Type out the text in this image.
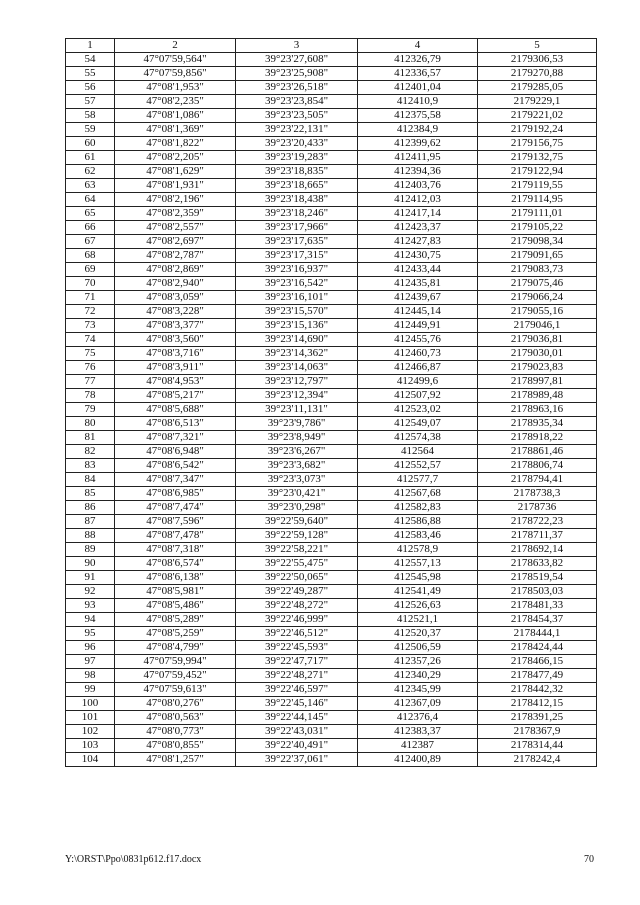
1	2	3	4	5
54	47°07'59,564"	39°23'27,608"	412326,79	2179306,53
55	47°07'59,856"	39°23'25,908"	412336,57	2179270,88
56	47°08'1,953"	39°23'26,518"	412401,04	2179285,05
57	47°08'2,235"	39°23'23,854"	412410,9	2179229,1
58	47°08'1,086"	39°23'23,505"	412375,58	2179221,02
59	47°08'1,369"	39°23'22,131"	412384,9	2179192,24
60	47°08'1,822"	39°23'20,433"	412399,62	2179156,75
61	47°08'2,205"	39°23'19,283"	412411,95	2179132,75
62	47°08'1,629"	39°23'18,835"	412394,36	2179122,94
63	47°08'1,931"	39°23'18,665"	412403,76	2179119,55
64	47°08'2,196"	39°23'18,438"	412412,03	2179114,95
65	47°08'2,359"	39°23'18,246"	412417,14	2179111,01
66	47°08'2,557"	39°23'17,966"	412423,37	2179105,22
67	47°08'2,697"	39°23'17,635"	412427,83	2179098,34
68	47°08'2,787"	39°23'17,315"	412430,75	2179091,65
69	47°08'2,869"	39°23'16,937"	412433,44	2179083,73
70	47°08'2,940"	39°23'16,542"	412435,81	2179075,46
71	47°08'3,059"	39°23'16,101"	412439,67	2179066,24
72	47°08'3,228"	39°23'15,570"	412445,14	2179055,16
73	47°08'3,377"	39°23'15,136"	412449,91	2179046,1
74	47°08'3,560"	39°23'14,690"	412455,76	2179036,81
75	47°08'3,716"	39°23'14,362"	412460,73	2179030,01
76	47°08'3,911"	39°23'14,063"	412466,87	2179023,83
77	47°08'4,953"	39°23'12,797"	412499,6	2178997,81
78	47°08'5,217"	39°23'12,394"	412507,92	2178989,48
79	47°08'5,688"	39°23'11,131"	412523,02	2178963,16
80	47°08'6,513"	39°23'9,786"	412549,07	2178935,34
81	47°08'7,321"	39°23'8,949"	412574,38	2178918,22
82	47°08'6,948"	39°23'6,267"	412564	2178861,46
83	47°08'6,542"	39°23'3,682"	412552,57	2178806,74
84	47°08'7,347"	39°23'3,073"	412577,7	2178794,41
85	47°08'6,985"	39°23'0,421"	412567,68	2178738,3
86	47°08'7,474"	39°23'0,298"	412582,83	2178736
87	47°08'7,596"	39°22'59,640"	412586,88	2178722,23
88	47°08'7,478"	39°22'59,128"	412583,46	2178711,37
89	47°08'7,318"	39°22'58,221"	412578,9	2178692,14
90	47°08'6,574"	39°22'55,475"	412557,13	2178633,82
91	47°08'6,138"	39°22'50,065"	412545,98	2178519,54
92	47°08'5,981"	39°22'49,287"	412541,49	2178503,03
93	47°08'5,486"	39°22'48,272"	412526,63	2178481,33
94	47°08'5,289"	39°22'46,999"	412521,1	2178454,37
95	47°08'5,259"	39°22'46,512"	412520,37	2178444,1
96	47°08'4,799"	39°22'45,593"	412506,59	2178424,44
97	47°07'59,994"	39°22'47,717"	412357,26	2178466,15
98	47°07'59,452"	39°22'48,271"	412340,29	2178477,49
99	47°07'59,613"	39°22'46,597"	412345,99	2178442,32
100	47°08'0,276"	39°22'45,146"	412367,09	2178412,15
101	47°08'0,563"	39°22'44,145"	412376,4	2178391,25
102	47°08'0,773"	39°22'43,031"	412383,37	2178367,9
103	47°08'0,855"	39°22'40,491"	412387	2178314,44
104	47°08'1,257"	39°22'37,061"	412400,89	2178242,4
Y:\ORST\Ppo\0831p612.f17.docx	70
